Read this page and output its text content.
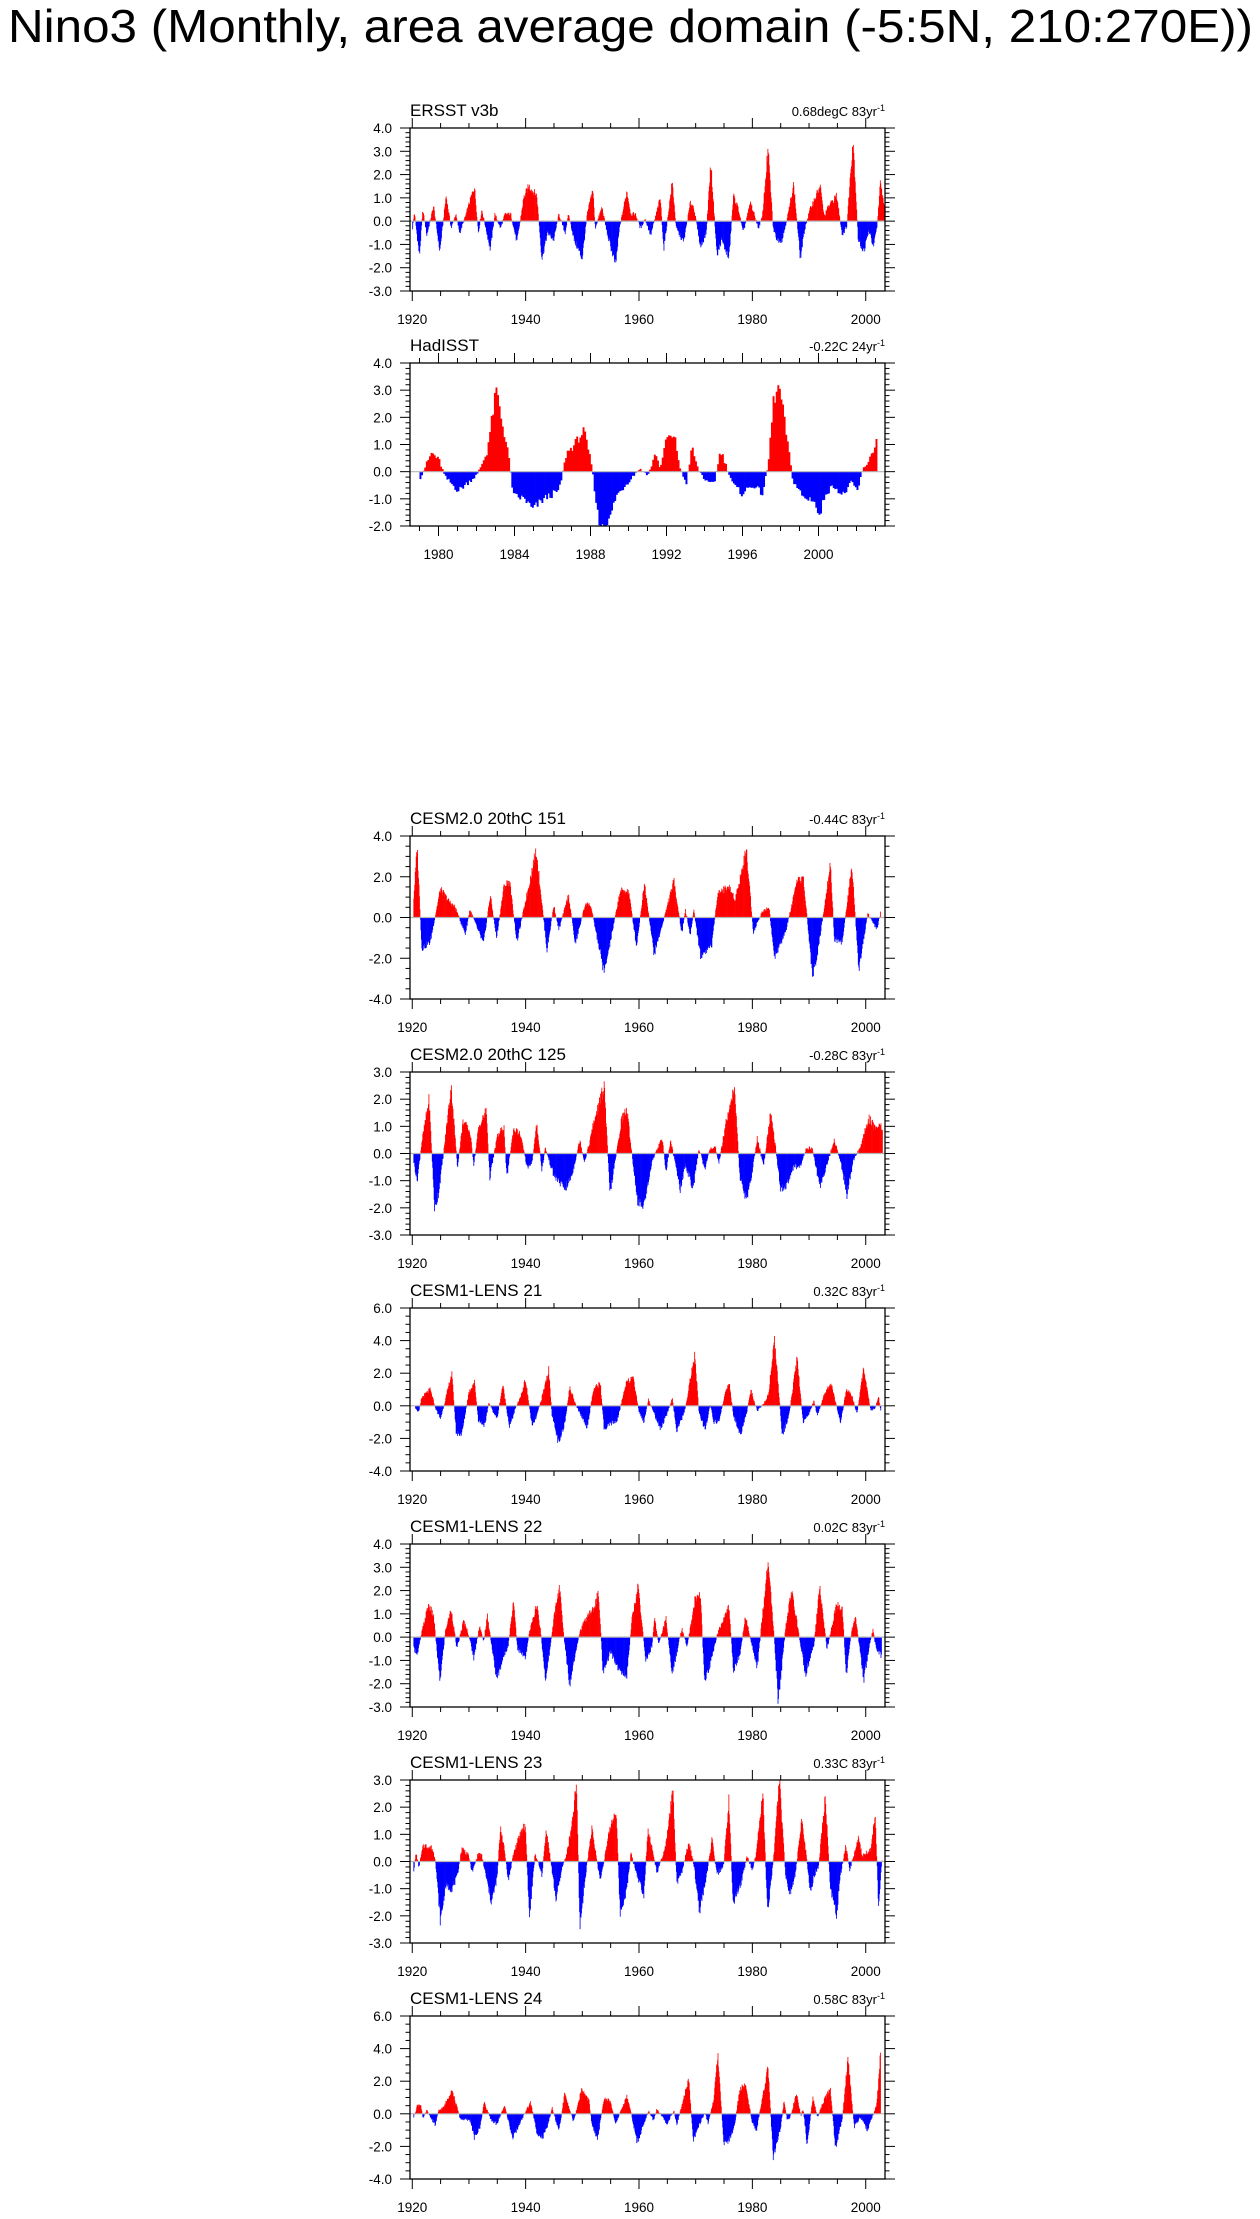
Nino3 (Monthly, area average domain (-5:5N, 210:270E))
ERSST v3b	0.68degC $83yr^{-1}$
-3.0
-2.0
-1.0
0.0
1.0
2.0
3.0
4.0
1920	1940	1960	1980	2000
HadISST	-0.22C $24yr^{-1}$
-2.0
-1.0
0.0
1.0
2.0
3.0
4.0
1980	1984	1988	1992	1996	2000
CESM2.0 20thC 151	-0.44C $83yr^{-1}$
-4.0
-2.0
0.0
2.0
4.0
1920	1940	1960	1980	2000
CESM2.0 20thC 125	-0.28C $83yr^{-1}$
-3.0
-2.0
-1.0
0.0
1.0
2.0
3.0
1920	1940	1960	1980	2000
CESM1-LENS 21	0.32C $83yr^{-1}$
-4.0
-2.0
0.0
2.0
4.0
6.0
1920	1940	1960	1980	2000
CESM1-LENS 22	0.02C $83yr^{-1}$
-3.0
-2.0
-1.0
0.0
1.0
2.0
3.0
4.0
1920	1940	1960	1980	2000
CESM1-LENS 23	0.33C $83yr^{-1}$
-3.0
-2.0
-1.0
0.0
1.0
2.0
3.0
1920	1940	1960	1980	2000
CESM1-LENS 24	0.58C $83yr^{-1}$
-4.0
-2.0
0.0
2.0
4.0
6.0
1920	1940	1960	1980	2000
